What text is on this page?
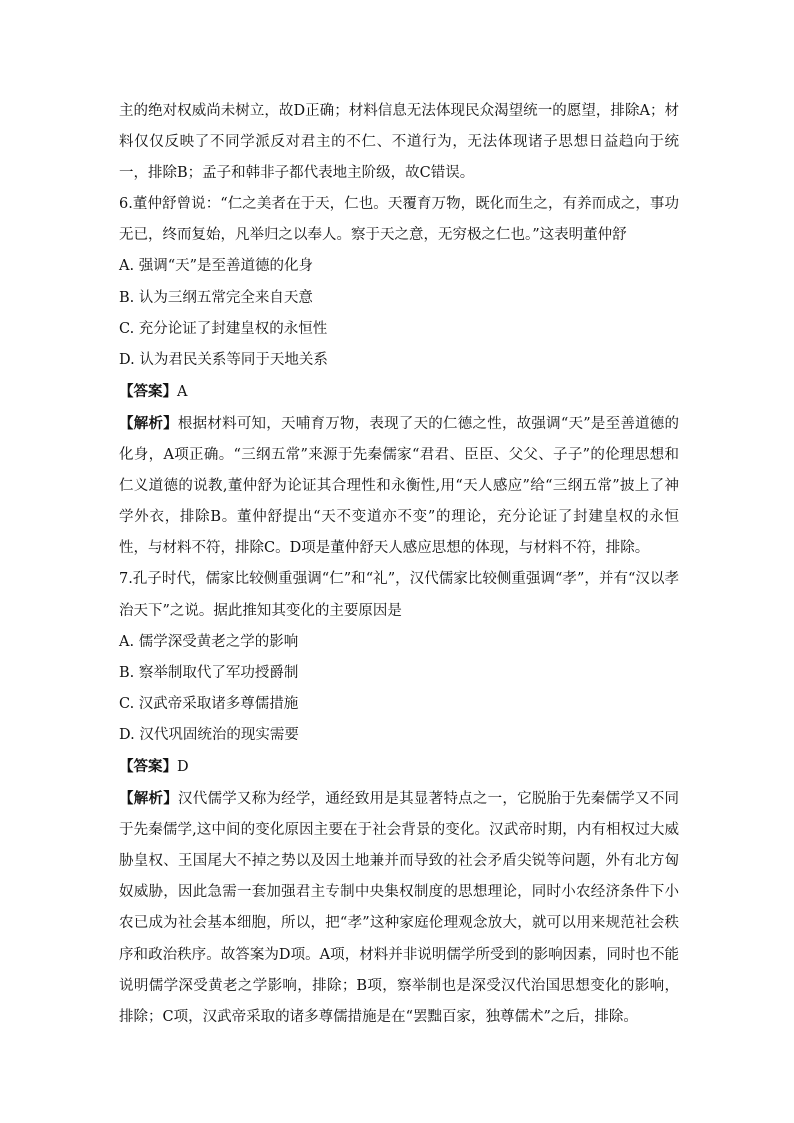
主的绝对权威尚未树立，故D正确；材料信息无法体现民众渴望统一的愿望，排除A；材料仅仅反映了不同学派反对君主的不仁、不道行为，无法体现诸子思想日益趋向于统一，排除B；孟子和韩非子都代表地主阶级，故C错误。

6.董仲舒曾说：“仁之美者在于天，仁也。天覆育万物，既化而生之，有养而成之，事功无已，终而复始，凡举归之以奉人。察于天之意，无穷极之仁也。”这表明董仲舒

A. 强调“天”是至善道德的化身

B. 认为三纲五常完全来自天意

C. 充分论证了封建皇权的永恒性

D. 认为君民关系等同于天地关系

【答案】A

【解析】根据材料可知，天哺育万物，表现了天的仁德之性，故强调“天”是至善道德的化身，A项正确。“三纲五常”来源于先秦儒家“君君、臣臣、父父、子子”的伦理思想和仁义道德的说教,董仲舒为论证其合理性和永衡性,用“天人感应”给“三纲五常”披上了神学外衣，排除B。董仲舒提出“天不变道亦不变”的理论，充分论证了封建皇权的永恒性，与材料不符，排除C。D项是董仲舒天人感应思想的体现，与材料不符，排除。

7.孔子时代，儒家比较侧重强调“仁”和“礼”，汉代儒家比较侧重强调“孝”，并有“汉以孝治天下”之说。据此推知其变化的主要原因是

A. 儒学深受黄老之学的影响

B. 察举制取代了军功授爵制

C. 汉武帝采取诸多尊儒措施

D. 汉代巩固统治的现实需要

【答案】D

【解析】汉代儒学又称为经学，通经致用是其显著特点之一，它脱胎于先秦儒学又不同于先秦儒学,这中间的变化原因主要在于社会背景的变化。汉武帝时期，内有相权过大威胁皇权、王国尾大不掉之势以及因土地兼并而导致的社会矛盾尖锐等问题，外有北方匈奴威胁，因此急需一套加强君主专制中央集权制度的思想理论，同时小农经济条件下小农已成为社会基本细胞，所以，把“孝”这种家庭伦理观念放大，就可以用来规范社会秩序和政治秩序。故答案为D项。A项，材料并非说明儒学所受到的影响因素，同时也不能说明儒学深受黄老之学影响，排除；B项，察举制也是深受汉代治国思想变化的影响，排除；C项，汉武帝采取的诸多尊儒措施是在“罢黜百家，独尊儒术”之后，排除。
